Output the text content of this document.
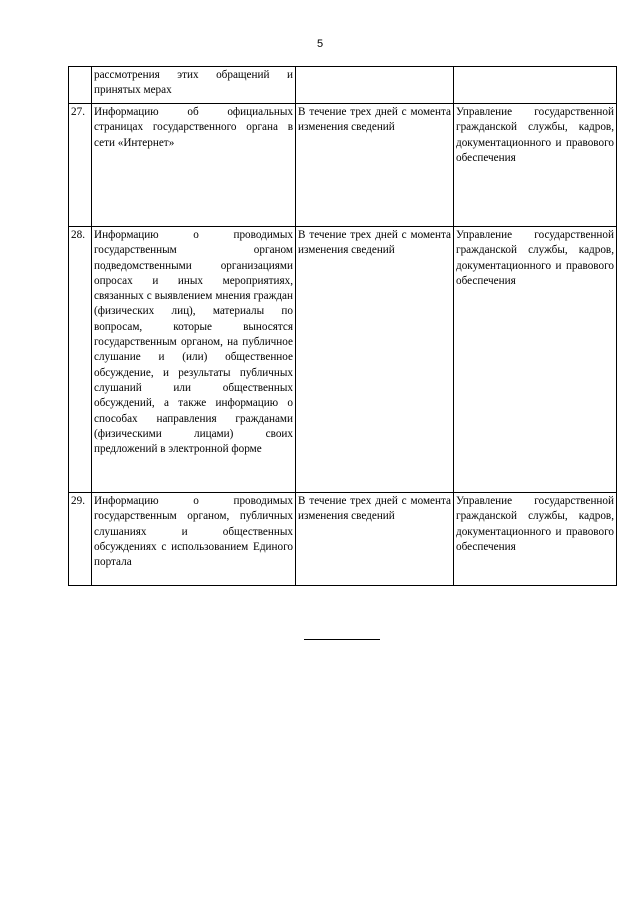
5

	рассмотрения этих обращений и принятых мерах		

27.	Информацию об официальных страницах государственного органа в сети «Интернет»	В течение трех дней с момента изменения сведений	Управление государственной гражданской службы, кадров, документационного и правового обеспечения

28.	Информацию о проводимых государственным органом подведомственными организациями опросах и иных мероприятиях, связанных с выявлением мнения граждан (физических лиц), материалы по вопросам, которые выносятся государственным органом, на публичное слушание и (или) общественное обсуждение, и результаты публичных слушаний или общественных обсуждений, а также информацию о способах направления гражданами (физическими лицами) своих предложений в электронной форме	В течение трех дней с момента изменения сведений	Управление государственной гражданской службы, кадров, документационного и правового обеспечения

29.	Информацию о проводимых государственным органом, публичных слушаниях и общественных обсуждениях с использованием Единого портала	В течение трех дней с момента изменения сведений	Управление государственной гражданской службы, кадров, документационного и правового обеспечения
